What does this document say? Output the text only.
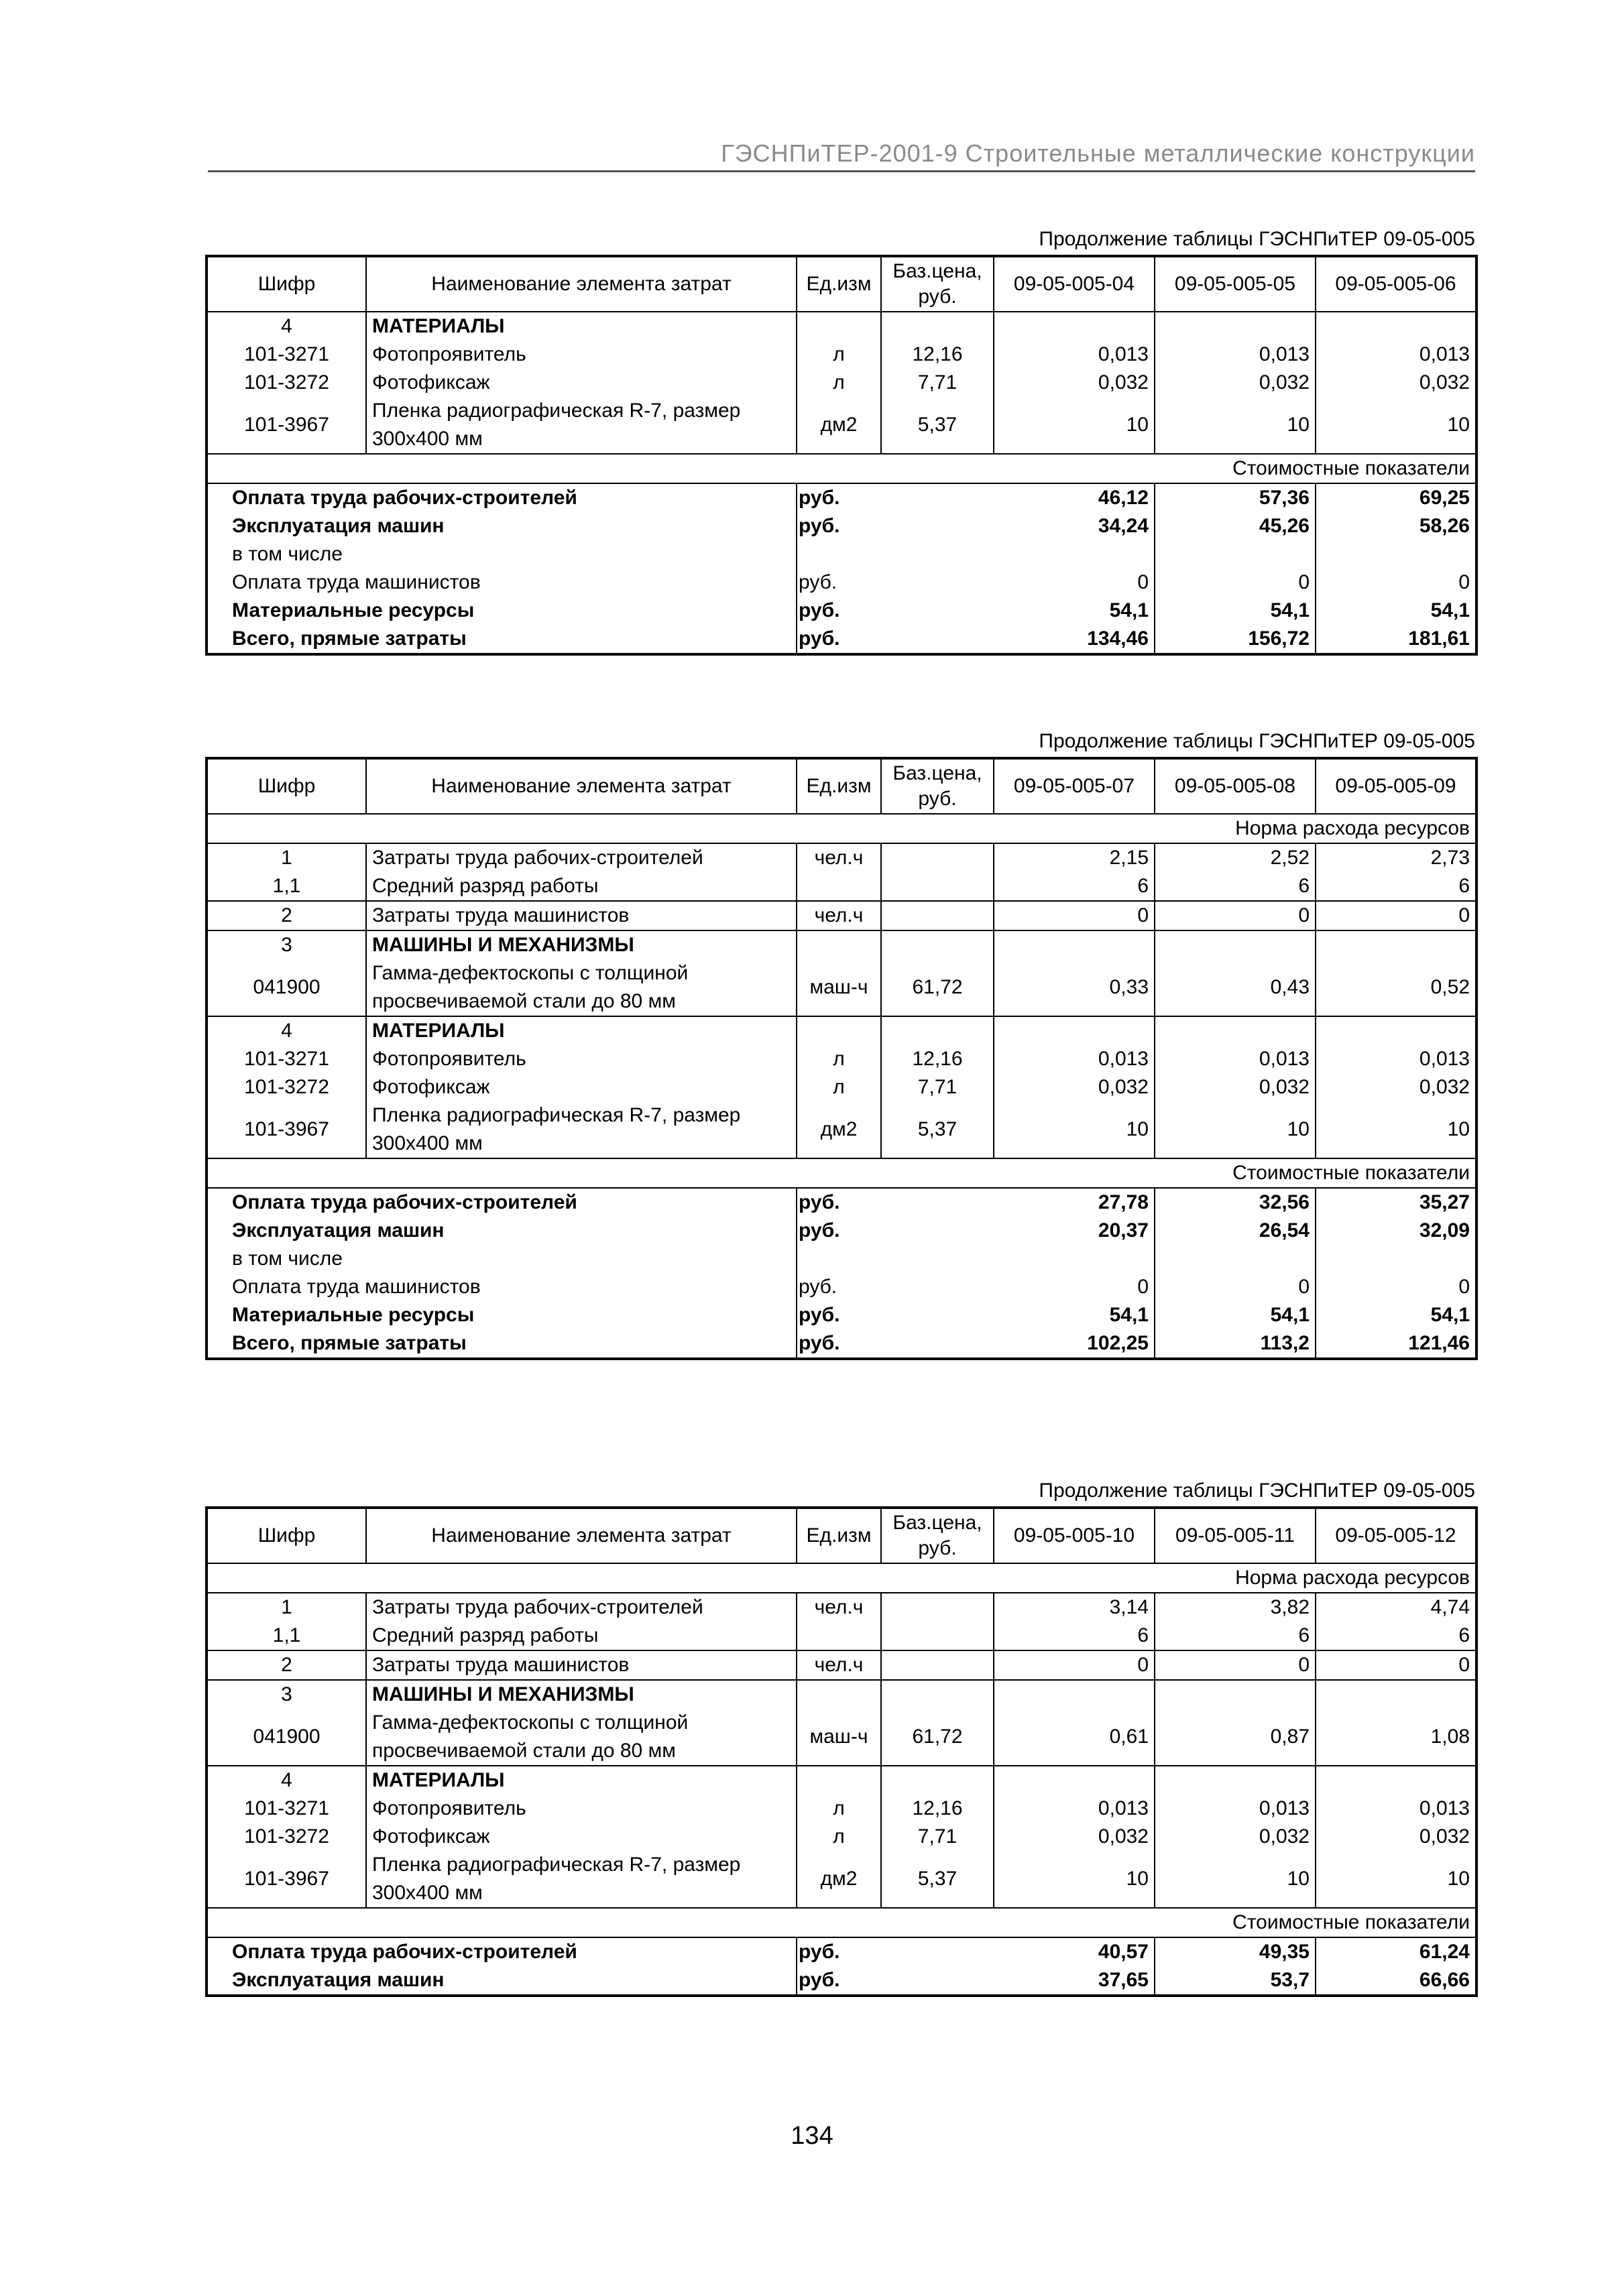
ГЭСНПиТЕР-2001-9 Строительные металлические конструкции
Продолжение таблицы ГЭСНПиТЕР 09-05-005
Шифр	Наименование элемента затрат	Ед.изм	Баз.цена, руб.	09-05-005-04	09-05-005-05	09-05-005-06
4	МАТЕРИАЛЫ					
101-3271	Фотопроявитель	л	12,16	0,013	0,013	0,013
101-3272	Фотофиксаж	л	7,71	0,032	0,032	0,032
101-3967	Пленка радиографическая R-7, размер 300х400 мм	дм2	5,37	10	10	10
Стоимостные показатели						
Оплата труда рабочих-строителей		руб.		46,12	57,36	69,25
Эксплуатация машин		руб.		34,24	45,26	58,26
в том числе						
Оплата труда машинистов		руб.		0	0	0
Материальные ресурсы		руб.		54,1	54,1	54,1
Всего, прямые затраты		руб.		134,46	156,72	181,61
Продолжение таблицы ГЭСНПиТЕР 09-05-005
Шифр	Наименование элемента затрат	Ед.изм	Баз.цена, руб.	09-05-005-07	09-05-005-08	09-05-005-09
Норма расхода ресурсов						
1	Затраты труда рабочих-строителей	чел.ч		2,15	2,52	2,73
1,1	Средний разряд работы			6	6	6
2	Затраты труда машинистов	чел.ч		0	0	0
3	МАШИНЫ И МЕХАНИЗМЫ					
041900	Гамма-дефектоскопы с толщиной просвечиваемой стали до 80 мм	маш-ч	61,72	0,33	0,43	0,52
4	МАТЕРИАЛЫ					
101-3271	Фотопроявитель	л	12,16	0,013	0,013	0,013
101-3272	Фотофиксаж	л	7,71	0,032	0,032	0,032
101-3967	Пленка радиографическая R-7, размер 300х400 мм	дм2	5,37	10	10	10
Стоимостные показатели						
Оплата труда рабочих-строителей		руб.		27,78	32,56	35,27
Эксплуатация машин		руб.		20,37	26,54	32,09
в том числе						
Оплата труда машинистов		руб.		0	0	0
Материальные ресурсы		руб.		54,1	54,1	54,1
Всего, прямые затраты		руб.		102,25	113,2	121,46
Продолжение таблицы ГЭСНПиТЕР 09-05-005
Шифр	Наименование элемента затрат	Ед.изм	Баз.цена, руб.	09-05-005-10	09-05-005-11	09-05-005-12
Норма расхода ресурсов						
1	Затраты труда рабочих-строителей	чел.ч		3,14	3,82	4,74
1,1	Средний разряд работы			6	6	6
2	Затраты труда машинистов	чел.ч		0	0	0
3	МАШИНЫ И МЕХАНИЗМЫ					
041900	Гамма-дефектоскопы с толщиной просвечиваемой стали до 80 мм	маш-ч	61,72	0,61	0,87	1,08
4	МАТЕРИАЛЫ					
101-3271	Фотопроявитель	л	12,16	0,013	0,013	0,013
101-3272	Фотофиксаж	л	7,71	0,032	0,032	0,032
101-3967	Пленка радиографическая R-7, размер 300х400 мм	дм2	5,37	10	10	10
Стоимостные показатели						
Оплата труда рабочих-строителей		руб.		40,57	49,35	61,24
Эксплуатация машин		руб.		37,65	53,7	66,66
134
